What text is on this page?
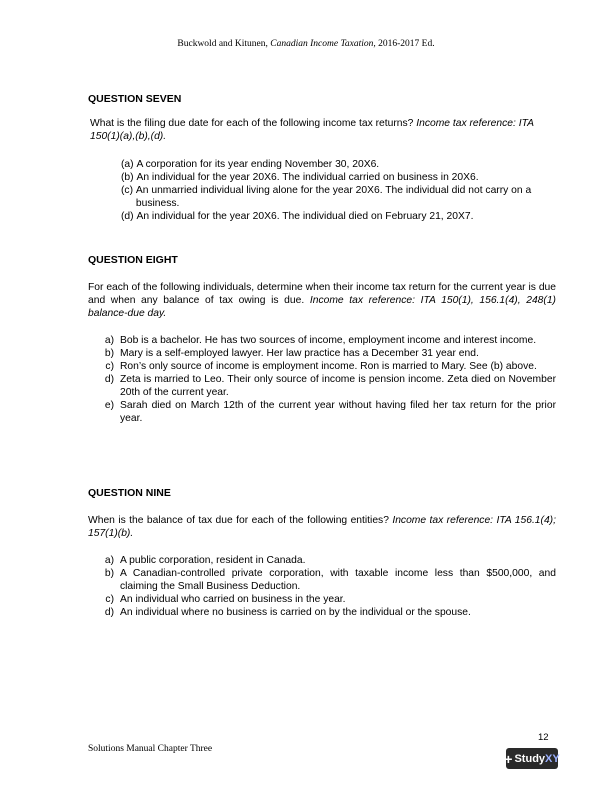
Buckwold and Kitunen, Canadian Income Taxation, 2016-2017 Ed.
QUESTION SEVEN
What is the filing due date for each of the following income tax returns? Income tax reference: ITA 150(1)(a),(b),(d).
(a)
A corporation for its year ending November 30, 20X6.
(b)
An individual for the year 20X6. The individual carried on business in 20X6.
(c)
An unmarried individual living alone for the year 20X6. The individual did not carry on a business.
(d)
An individual for the year 20X6. The individual died on February 21, 20X7.
QUESTION EIGHT
For each of the following individuals, determine when their income tax return for the current year is due and when any balance of tax owing is due. Income tax reference: ITA 150(1), 156.1(4), 248(1) balance-due day.
a) Bob is a bachelor. He has two sources of income, employment income and interest income.
b) Mary is a self-employed lawyer. Her law practice has a December 31 year end.
c) Ron’s only source of income is employment income. Ron is married to Mary. See (b) above.
d) Zeta is married to Leo. Their only source of income is pension income. Zeta died on November 20th of the current year.
e) Sarah died on March 12th of the current year without having filed her tax return for the prior year.
QUESTION NINE
When is the balance of tax due for each of the following entities? Income tax reference: ITA 156.1(4); 157(1)(b).
a) A public corporation, resident in Canada.
b) A Canadian-controlled private corporation, with taxable income less than $500,000, and claiming the Small Business Deduction.
c) An individual who carried on business in the year.
d) An individual where no business is carried on by the individual or the spouse.
12
Solutions Manual Chapter Three
+ Study XY
